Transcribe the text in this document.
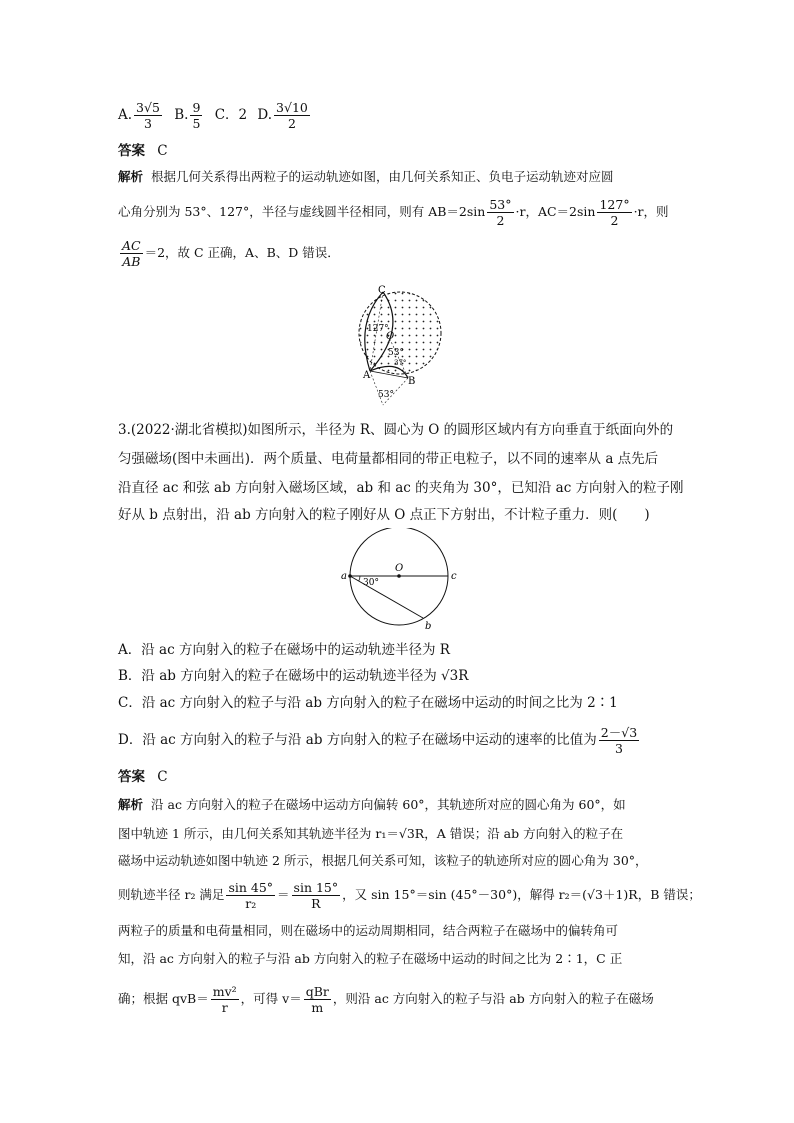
A. $\frac{3√5}{3} B$. $\frac{9}{5}$ C．2 D. $\frac{3√10}{2}$
答案 C
解析 根据几何关系得出两粒子的运动轨迹如图，由几何关系知正、负电子运动轨迹对应圆
心角分别为 53°、127°，半径与虚线圆半径相同，则有 $AB=2\sin \frac{53^\circ}{2} \cdot r$，$AC=2\sin \frac{127^\circ}{2} \cdot r$，则
$\frac{AC}{AB} =2$，故 C 正确，A、B、D 错误．
C
O
A
B
127°
53°
37°
53°
3.(2022·湖北省模拟)如图所示，半径为 R、圆心为 O 的圆形区域内有方向垂直于纸面向外的
匀强磁场(图中未画出)．两个质量、电荷量都相同的带正电粒子，以不同的速率从 a 点先后
沿直径 ac 和弦 ab 方向射入磁场区域，ab 和 ac 的夹角为 30°，已知沿 ac 方向射入的粒子刚
好从 b 点射出，沿 ab 方向射入的粒子刚好从 O 点正下方射出，不计粒子重力．则(　　)
a
O
c
b
30°
A．沿 ac 方向射入的粒子在磁场中的运动轨迹半径为 R
B．沿 ab 方向射入的粒子在磁场中的运动轨迹半径为 √3R
C．沿 ac 方向射入的粒子与沿 ab 方向射入的粒子在磁场中运动的时间之比为 2∶1
D．沿 ac 方向射入的粒子与沿 ab 方向射入的粒子在磁场中运动的速率的比值为 $\frac{2-√3}{3}$
答案 C
解析 沿 ac 方向射入的粒子在磁场中运动方向偏转 60°，其轨迹所对应的圆心角为 60°，如
图中轨迹 1 所示，由几何关系知其轨迹半径为 r₁＝√3R，A 错误；沿 ab 方向射入的粒子在
磁场中运动轨迹如图中轨迹 2 所示，根据几何关系可知，该粒子的轨迹所对应的圆心角为 30°，
则轨迹半径 r₂ 满足 $\frac{\sin 45^\circ}{\text{r₂}} = \frac{\sin 15^\circ}{R}$ ，又 sin 15°＝sin (45°－30°)，解得 r₂＝(√3＋1)R，B 错误；
两粒子的质量和电荷量相同，则在磁场中的运动周期相同，结合两粒子在磁场中的偏转角可
知，沿 ac 方向射入的粒子与沿 ab 方向射入的粒子在磁场中运动的时间之比为 2∶1，C 正
确；根据 $qvB= \frac{\text{mv²}}{r}$ ，可得 $v= \frac{\text{qBr}}{m}$ ，则沿 ac 方向射入的粒子与沿 ab 方向射入的粒子在磁场
